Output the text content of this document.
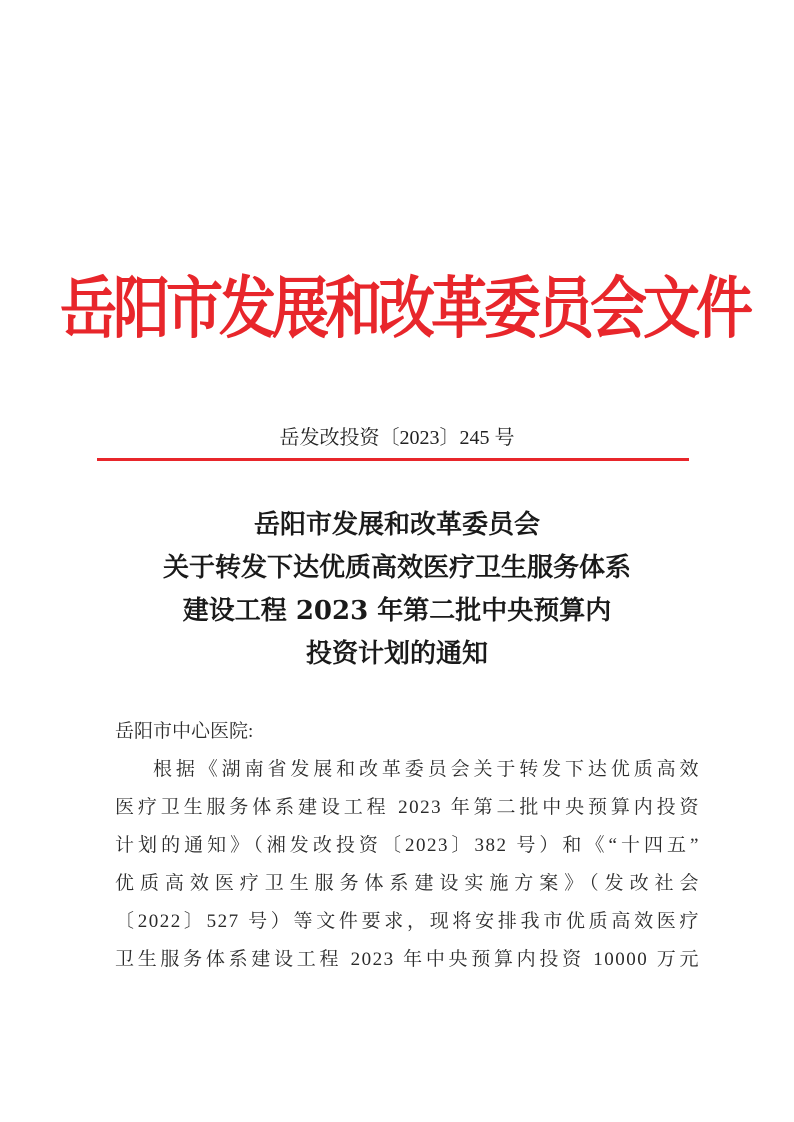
岳阳市发展和改革委员会文件
岳发改投资〔2023〕245 号
岳阳市发展和改革委员会
关于转发下达优质高效医疗卫生服务体系
建设工程 2023 年第二批中央预算内
投资计划的通知
岳阳市中心医院:
根据《湖南省发展和改革委员会关于转发下达优质高效
医疗卫生服务体系建设工程 2023 年第二批中央预算内投资
计划的通知》（湘发改投资〔2023〕382 号）和《“十四五”
优质高效医疗卫生服务体系建设实施方案》（发改社会
〔2022〕527 号）等文件要求，现将安排我市优质高效医疗
卫生服务体系建设工程 2023 年中央预算内投资 10000 万元
